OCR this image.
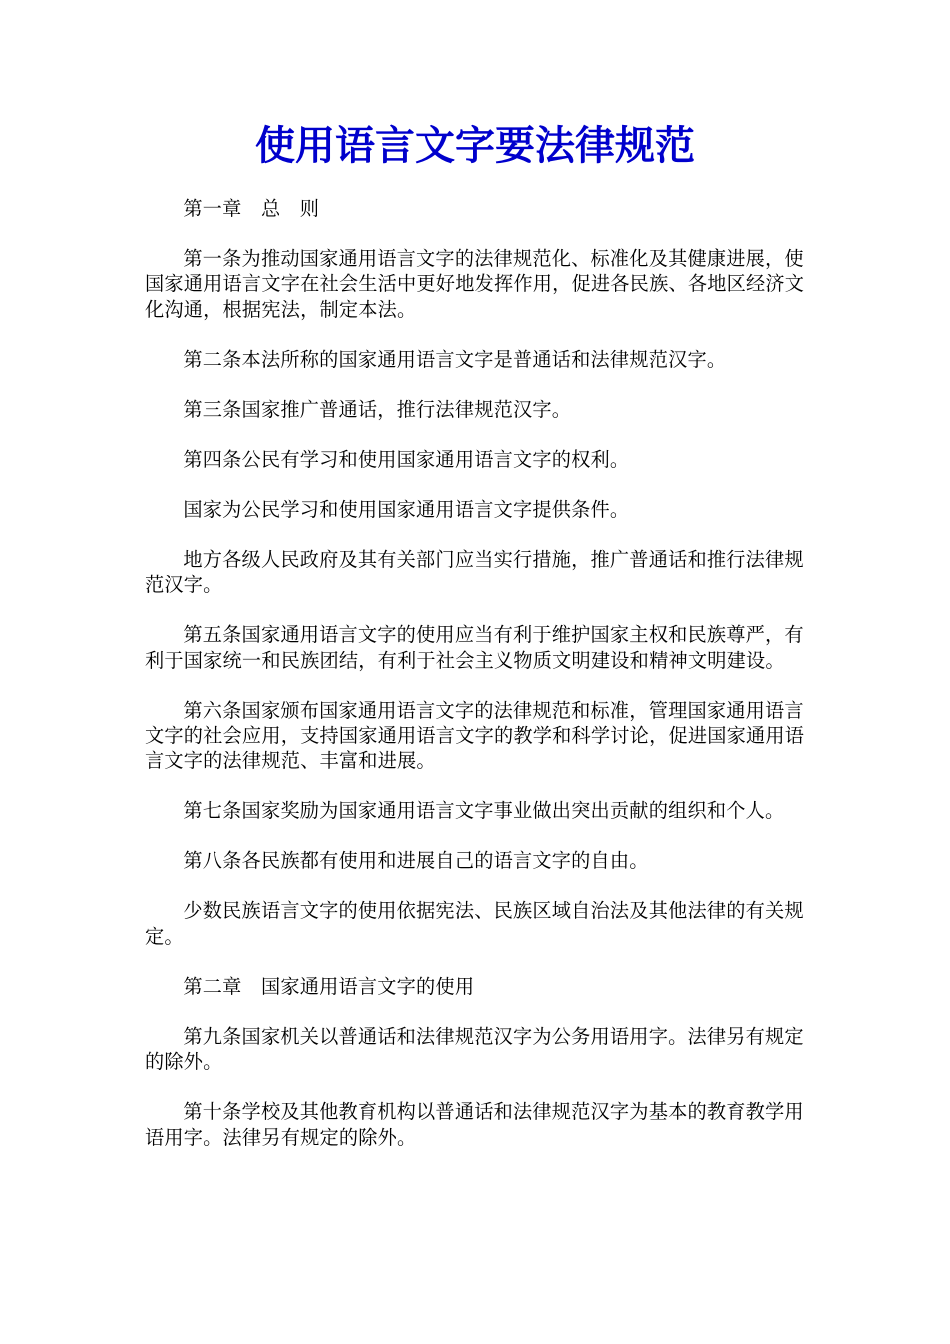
使用语言文字要法律规范

第一章　总　则

第一条为推动国家通用语言文字的法律规范化、标准化及其健康进展，使国家通用语言文字在社会生活中更好地发挥作用，促进各民族、各地区经济文化沟通，根据宪法，制定本法。

第二条本法所称的国家通用语言文字是普通话和法律规范汉字。

第三条国家推广普通话，推行法律规范汉字。

第四条公民有学习和使用国家通用语言文字的权利。

国家为公民学习和使用国家通用语言文字提供条件。

地方各级人民政府及其有关部门应当实行措施，推广普通话和推行法律规范汉字。

第五条国家通用语言文字的使用应当有利于维护国家主权和民族尊严，有利于国家统一和民族团结，有利于社会主义物质文明建设和精神文明建设。

第六条国家颁布国家通用语言文字的法律规范和标准，管理国家通用语言文字的社会应用，支持国家通用语言文字的教学和科学讨论，促进国家通用语言文字的法律规范、丰富和进展。

第七条国家奖励为国家通用语言文字事业做出突出贡献的组织和个人。

第八条各民族都有使用和进展自己的语言文字的自由。

少数民族语言文字的使用依据宪法、民族区域自治法及其他法律的有关规定。

第二章　国家通用语言文字的使用

第九条国家机关以普通话和法律规范汉字为公务用语用字。法律另有规定的除外。

第十条学校及其他教育机构以普通话和法律规范汉字为基本的教育教学用语用字。法律另有规定的除外。
